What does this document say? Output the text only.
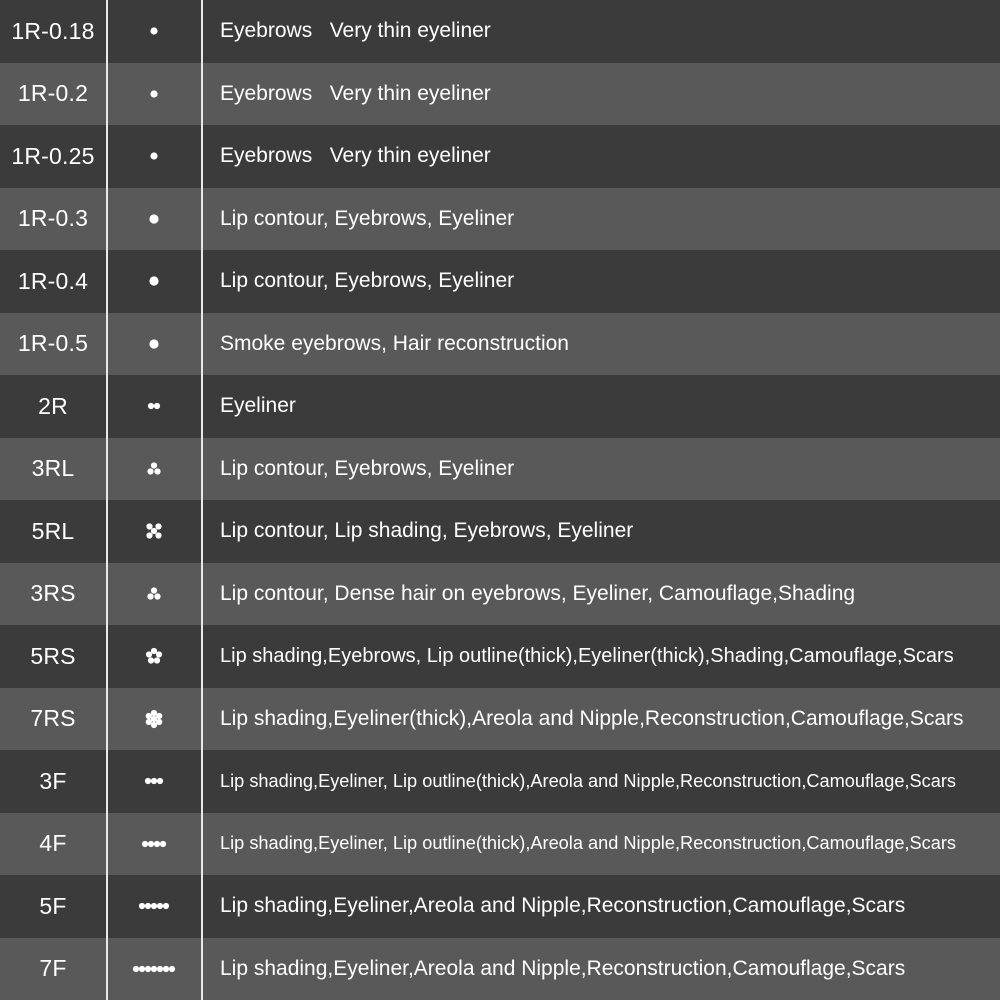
1R-0.18	Eyebrows   Very thin eyeliner
1R-0.2	Eyebrows   Very thin eyeliner
1R-0.25	Eyebrows   Very thin eyeliner
1R-0.3	Lip contour, Eyebrows, Eyeliner
1R-0.4	Lip contour, Eyebrows, Eyeliner
1R-0.5	Smoke eyebrows, Hair reconstruction
2R	Eyeliner
3RL	Lip contour, Eyebrows, Eyeliner
5RL	Lip contour, Lip shading, Eyebrows, Eyeliner
3RS	Lip contour, Dense hair on eyebrows, Eyeliner, Camouflage,Shading
5RS	Lip shading,Eyebrows, Lip outline(thick),Eyeliner(thick),Shading,Camouflage,Scars
7RS	Lip shading,Eyeliner(thick),Areola and Nipple,Reconstruction,Camouflage,Scars
3F	Lip shading,Eyeliner, Lip outline(thick),Areola and Nipple,Reconstruction,Camouflage,Scars
4F	Lip shading,Eyeliner, Lip outline(thick),Areola and Nipple,Reconstruction,Camouflage,Scars
5F	Lip shading,Eyeliner,Areola and Nipple,Reconstruction,Camouflage,Scars
7F	Lip shading,Eyeliner,Areola and Nipple,Reconstruction,Camouflage,Scars
